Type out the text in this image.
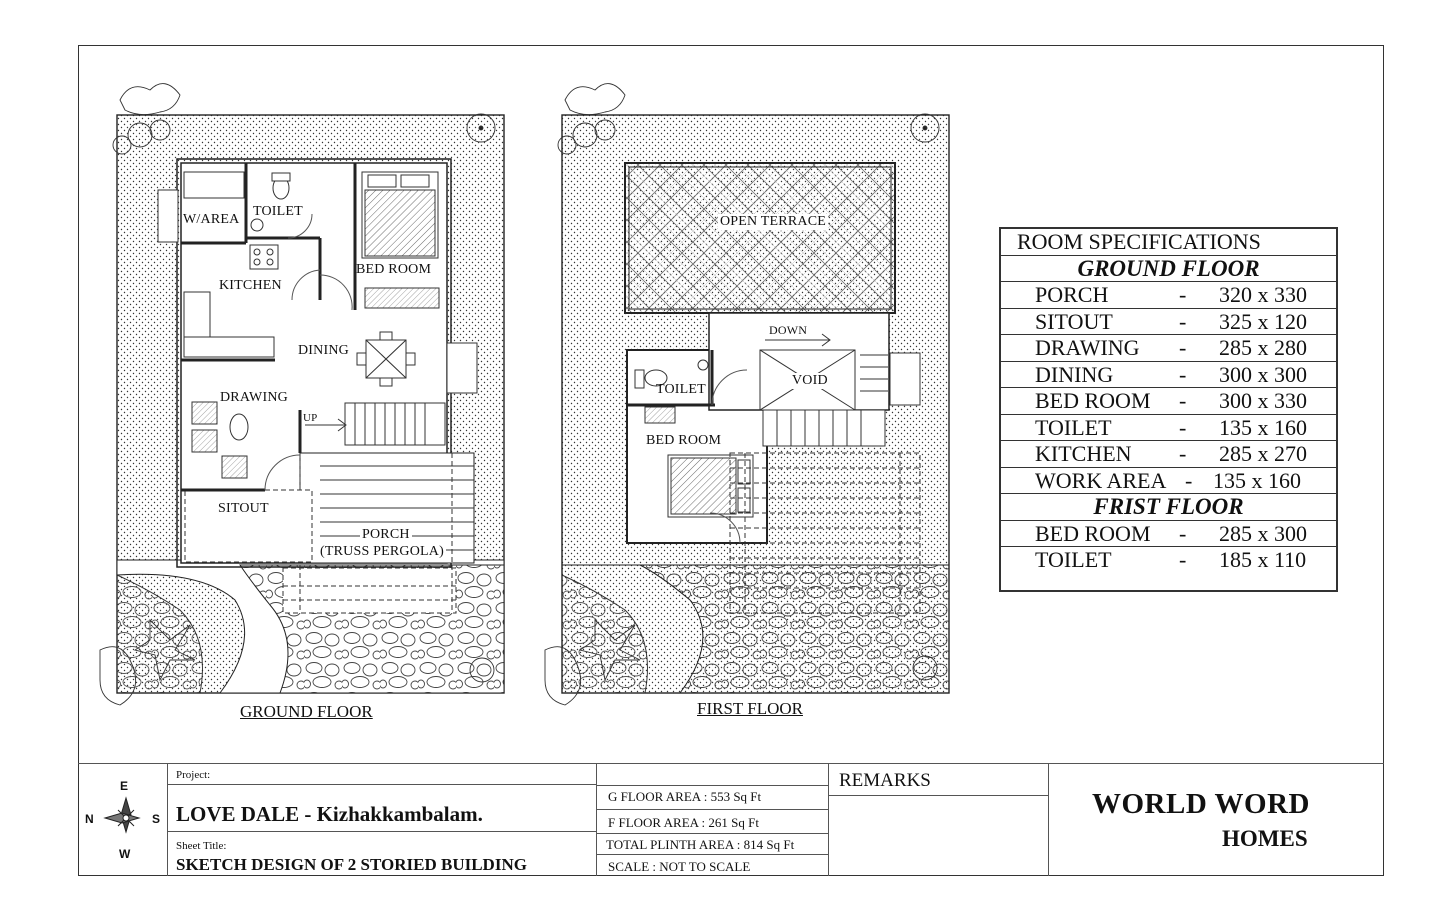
W/AREA
TOILET
KITCHEN
BED ROOM
DINING
DRAWING
UP
SITOUT
PORCH
(TRUSS PERGOLA)
GROUND FLOOR
OPEN TERRACE
DOWN
VOID
TOILET
BED ROOM
FIRST FLOOR
ROOM SPECIFICATIONS
GROUND FLOOR
PORCH	- 320 x 330
SITOUT	- 325 x 120
DRAWING - 285 x 280
DINING	- 300 x 300
BED ROOM - 300 x 330
TOILET	- 135 x 160
KITCHEN - 285 x 270
WORK AREA - 135 x 160
FRIST FLOOR
BED ROOM - 285 x 300
TOILET	- 185 x 110
E
N	S
W
Project:
LOVE DALE - Kizhakkambalam.
Sheet Title:
SKETCH DESIGN OF 2 STORIED BUILDING
G FLOOR AREA : 553 Sq Ft
F FLOOR AREA : 261 Sq Ft
TOTAL PLINTH AREA : 814 Sq Ft
SCALE : NOT TO SCALE
REMARKS
WORLD WORD
HOMES
